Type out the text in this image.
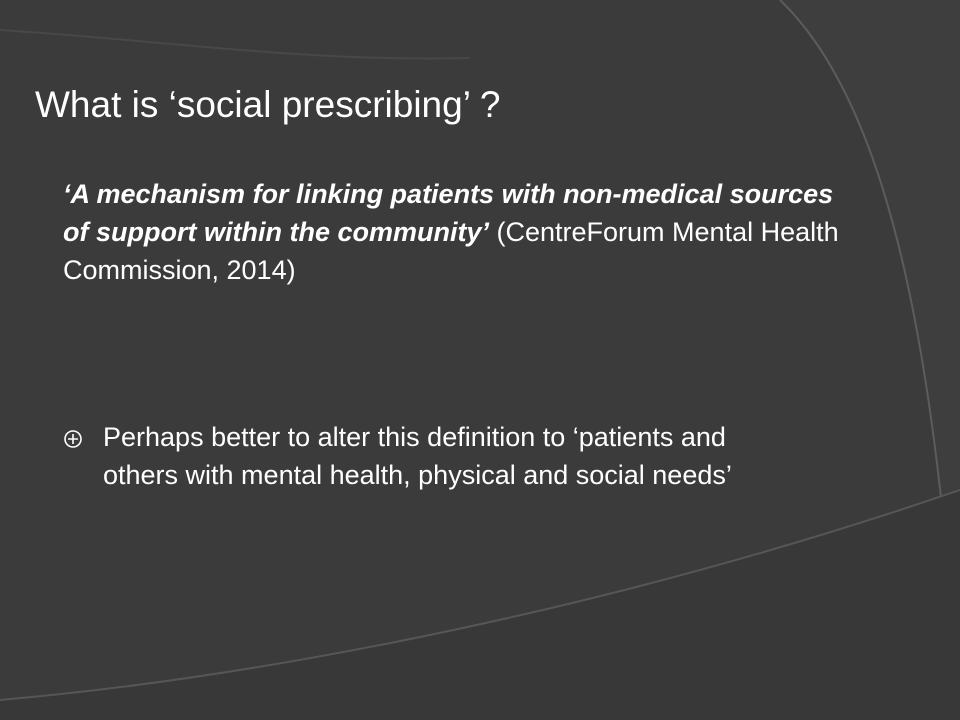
What is ‘social prescribing’ ?

‘A mechanism for linking patients with non-medical sources of support within the community’ (CentreForum Mental Health Commission, 2014)

Perhaps better to alter this definition to ‘patients and others with mental health, physical and social needs’
